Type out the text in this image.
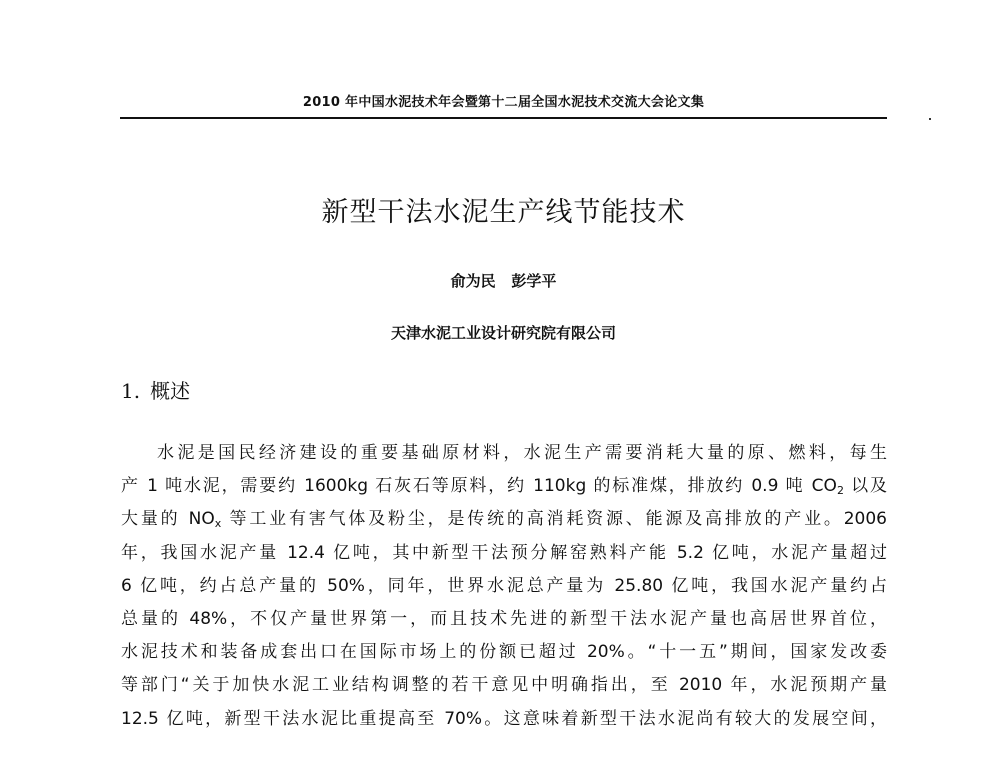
2010 年中国水泥技术年会暨第十二届全国水泥技术交流大会论文集
新型干法水泥生产线节能技术
俞为民 彭学平
天津水泥工业设计研究院有限公司
1. 概述
水泥是国民经济建设的重要基础原材料，水泥生产需要消耗大量的原、燃料，每生
产 1 吨水泥，需要约 1600kg 石灰石等原料，约 110kg 的标准煤，排放约 0.9 吨 $CO_2$ 以及
大量的 $NO_x$ 等工业有害气体及粉尘，是传统的高消耗资源、能源及高排放的产业。2006
年，我国水泥产量 12.4 亿吨，其中新型干法预分解窑熟料产能 5.2 亿吨，水泥产量超过
6 亿吨，约占总产量的 50%，同年，世界水泥总产量为 25.80 亿吨，我国水泥产量约占
总量的 48%，不仅产量世界第一，而且技术先进的新型干法水泥产量也高居世界首位，
水泥技术和装备成套出口在国际市场上的份额已超过 20%。“十一五”期间，国家发改委
等部门“关于加快水泥工业结构调整的若干意见中明确指出，至 2010 年，水泥预期产量
12.5 亿吨，新型干法水泥比重提高至 70%。这意味着新型干法水泥尚有较大的发展空间，
